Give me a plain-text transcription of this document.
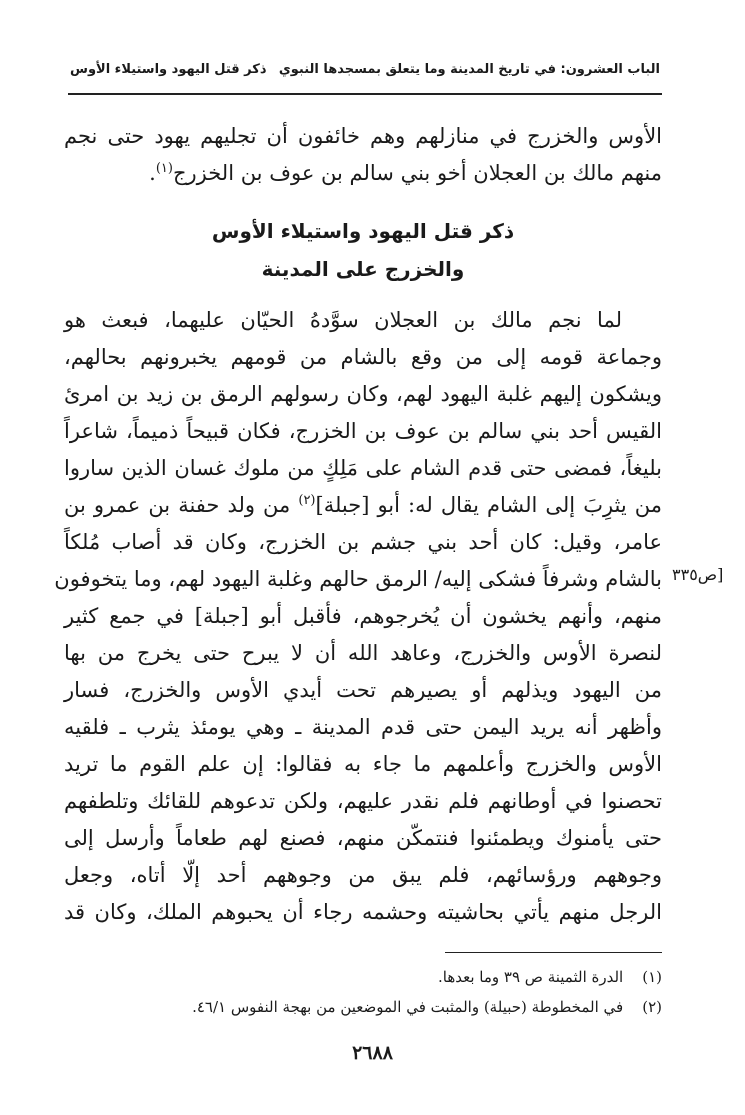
الباب العشرون: في تاريخ المدينة وما يتعلق بمسجدها النبوي
ذكر قتل اليهود واستيلاء الأوس
الأوس والخزرج في منازلهم وهم خائفون أن تجليهم يهود حتى نجم
منهم مالك بن العجلان أخو بني سالم بن عوف بن الخزرج$^{(١)}$.
ذكر قتل اليهود واستيلاء الأوس
والخزرج على المدينة
لما نجم مالك بن العجلان سوَّدهُ الحيّان عليهما، فبعث هو
وجماعة قومه إلى من وقع بالشام من قومهم يخبرونهم بحالهم،
ويشكون إليهم غلبة اليهود لهم، وكان رسولهم الرمق بن زيد بن امرئ
القيس أحد بني سالم بن عوف بن الخزرج، فكان قبيحاً ذميماً، شاعراً
بليغاً، فمضى حتى قدم الشام على مَلِكٍ من ملوك غسان الذين ساروا
من يثرِبَ إلى الشام يقال له: أبو [جبلة]$^{(٢)}$ من ولد حفنة بن عمرو بن
عامر، وقيل: كان أحد بني جشم بن الخزرج، وكان قد أصاب مُلكاً
بالشام وشرفاً فشكى إليه/ الرمق حالهم وغلبة اليهود لهم، وما يتخوفون
منهم، وأنهم يخشون أن يُخرجوهم، فأقبل أبو [جبلة] في جمع كثير
لنصرة الأوس والخزرج، وعاهد الله أن لا يبرح حتى يخرج من بها
من اليهود ويذلهم أو يصيرهم تحت أيدي الأوس والخزرج، فسار
وأظهر أنه يريد اليمن حتى قدم المدينة ـ وهي يومئذ يثرب ـ فلقيه
الأوس والخزرج وأعلمهم ما جاء به فقالوا: إن علم القوم ما تريد
تحصنوا في أوطانهم فلم نقدر عليهم، ولكن تدعوهم للقائك وتلطفهم
حتى يأمنوك ويطمئنوا فنتمكّن منهم، فصنع لهم طعاماً وأرسل إلى
وجوههم ورؤسائهم، فلم يبق من وجوههم أحد إلّا أتاه، وجعل
الرجل منهم يأتي بحاشيته وحشمه رجاء أن يحبوهم الملك، وكان قد
[ص٣٣٥
(١) الدرة الثمينة ص ٣٩ وما بعدها.
(٢) في المخطوطة (حبيلة) والمثبت في الموضعين من بهجة النفوس ٤٦/١.
٢٦٨٨
